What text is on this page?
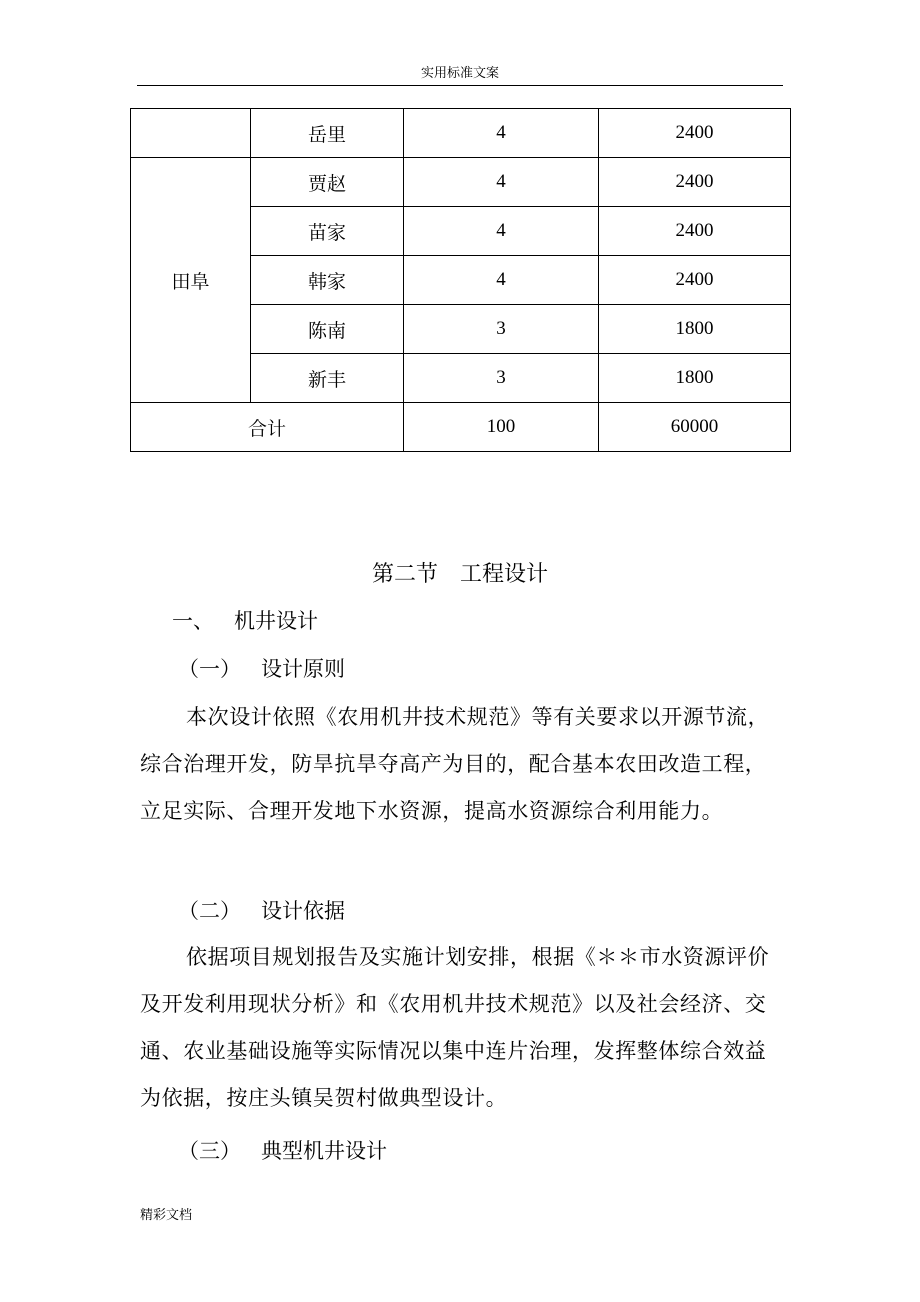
实用标准文案
	岳里	4	2400
田阜	贾赵	4	2400
	苗家	4	2400
	韩家	4	2400
	陈南	3	1800
	新丰	3	1800
合计		100	60000
第二节 工程设计
一、 机井设计
（一） 设计原则

本次设计依照《农用机井技术规范》等有关要求以开源节流，综合治理开发，防旱抗旱夺高产为目的，配合基本农田改造工程，立足实际、合理开发地下水资源，提高水资源综合利用能力。

（二） 设计依据

依据项目规划报告及实施计划安排，根据《＊＊市水资源评价及开发利用现状分析》和《农用机井技术规范》以及社会经济、交通、农业基础设施等实际情况以集中连片治理，发挥整体综合效益为依据，按庄头镇吴贺村做典型设计。

（三） 典型机井设计
精彩文档
